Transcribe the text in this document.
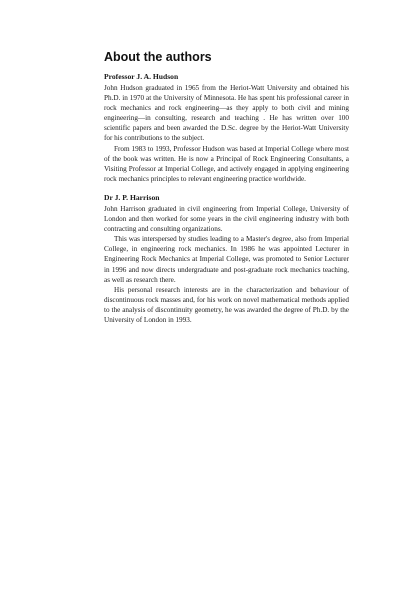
About the authors
Professor J. A. Hudson

John Hudson graduated in 1965 from the Heriot-Watt University and obtained his Ph.D. in 1970 at the University of Minnesota. He has spent his professional career in rock mechanics and rock engineering—as they apply to both civil and mining engineering—in consulting, research and teaching . He has written over 100 scientific papers and been awarded the D.Sc. degree by the Heriot-Watt University for his contributions to the subject.

From 1983 to 1993, Professor Hudson was based at Imperial College where most of the book was written. He is now a Principal of Rock Engineering Consultants, a Visiting Professor at Imperial College, and actively engaged in applying engineering rock mechanics principles to relevant engineering practice worldwide.

Dr J. P. Harrison

John Harrison graduated in civil engineering from Imperial College, University of London and then worked for some years in the civil engineering industry with both contracting and consulting organizations.

This was interspersed by studies leading to a Master's degree, also from Imperial College, in engineering rock mechanics. In 1986 he was appointed Lecturer in Engineering Rock Mechanics at Imperial College, was promoted to Senior Lecturer in 1996 and now directs undergraduate and post-graduate rock mechanics teaching, as well as research there.

His personal research interests are in the characterization and behaviour of discontinuous rock masses and, for his work on novel mathematical methods applied to the analysis of discontinuity geometry, he was awarded the degree of Ph.D. by the University of London in 1993.
